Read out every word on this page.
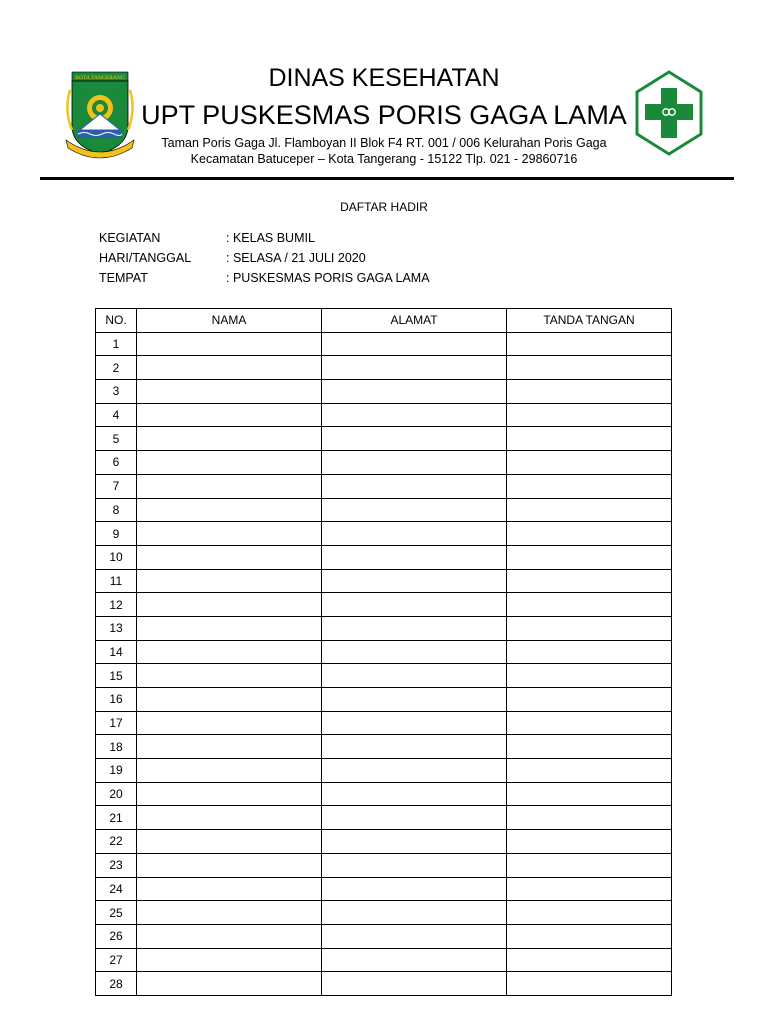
KOTA TANGERANG	DINAS KESEHATAN
UPT PUSKESMAS PORIS GAGA LAMA
Taman Poris Gaga Jl. Flamboyan II Blok F4 RT. 001 / 006 Kelurahan Poris Gaga
Kecamatan Batuceper – Kota Tangerang - 15122 Tlp. 021 - 29860716
DAFTAR HADIR
KEGIATAN	: KELAS BUMIL
HARI/TANGGAL	: SELASA / 21 JULI 2020
TEMPAT	: PUSKESMAS PORIS GAGA LAMA
NO.	NAMA	ALAMAT	TANDA TANGAN
1			
2			
3			
4			
5			
6			
7			
8			
9			
10			
11			
12			
13			
14			
15			
16			
17			
18			
19			
20			
21			
22			
23			
24			
25			
26			
27			
28			
